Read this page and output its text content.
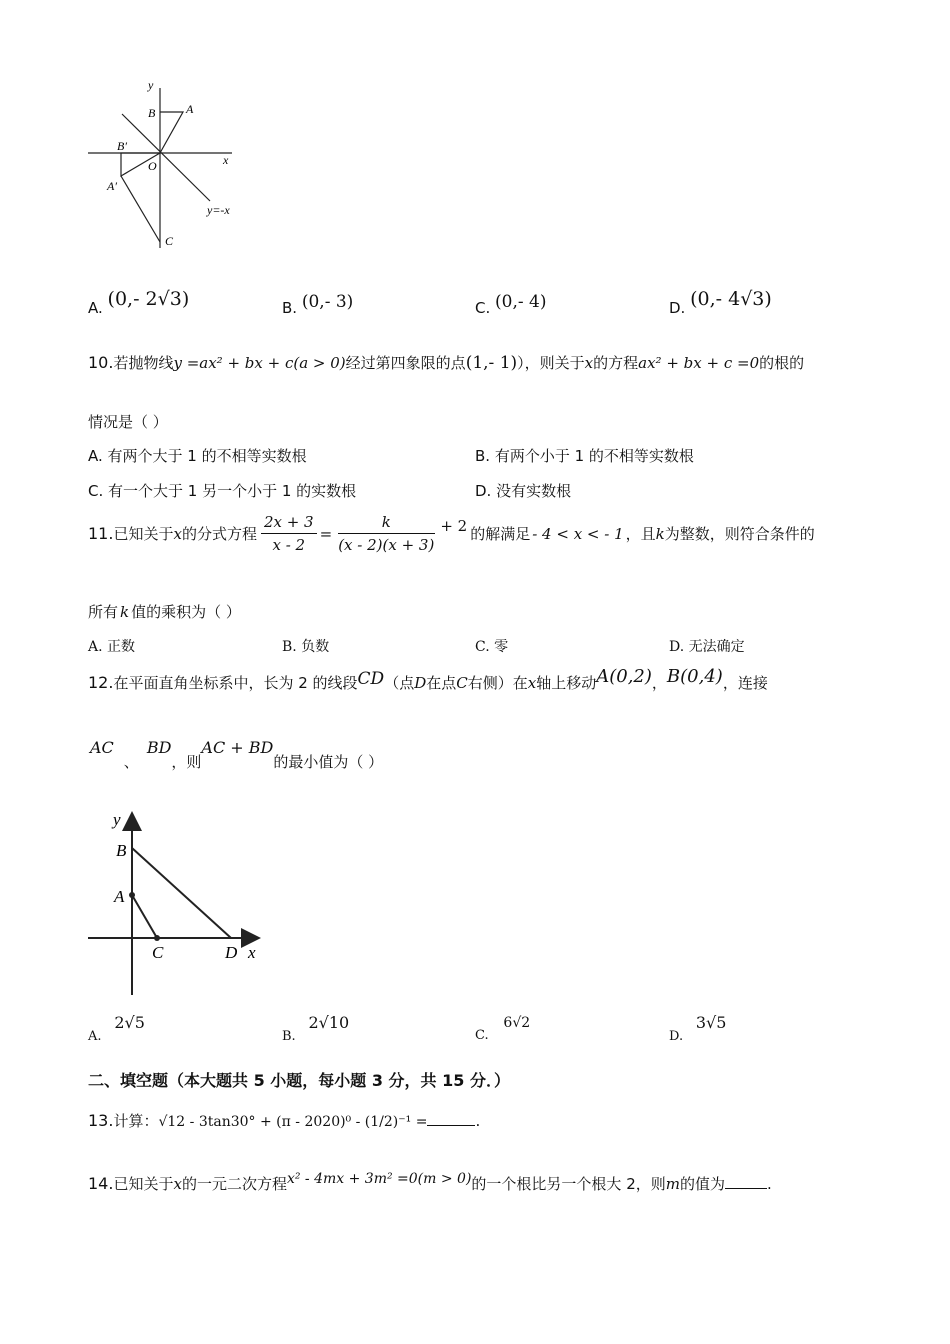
y
x
B	A
B′
O
A′
C
y=-x
A. (0,- 2√3)	B. (0,- 3)	C. (0,- 4)	D. (0,- 4√3)
10.若抛物线y =ax² + bx + c(a > 0)经过第四象限的点(1,- 1)），则关于x的方程ax² + bx + c =0的根的
情况是（ ）
A. 有两个大于 1 的不相等实数根	B. 有两个小于 1 的不相等实数根
C. 有一个大于 1 另一个小于 1 的实数根	D. 没有实数根
11. 已知关于 x 的分式方程 $\frac{2x + 3}{x - 2} = \frac{k}{(x - 2)(x + 3)} + 2$ 的解满足 - 4 < x < - 1 ，且 k 为整数，则符合条件的
所有 k 值的乘积为（ ）
A. 正数	B. 负数	C. 零	D. 无法确定
12.在平面直角坐标系中，长为 2 的线段CD（点D在点C右侧）在x轴上移动A(0,2)，B(0,4)，连接
AC、BD，则AC + BD的最小值为（ ）
y
B
A
C	D x
A. 2√5
B. 2√10
C. 6√2
D. 3√5
二、填空题（本大题共 5 小题，每小题 3 分，共 15 分．）
13.计算：√12 - 3tan30° + (π - 2020)⁰ - (1/2)⁻¹ =	.
14.已知关于x的一元二次方程x² - 4mx + 3m² =0(m > 0)的一个根比另一个根大 2，则m的值为	.
